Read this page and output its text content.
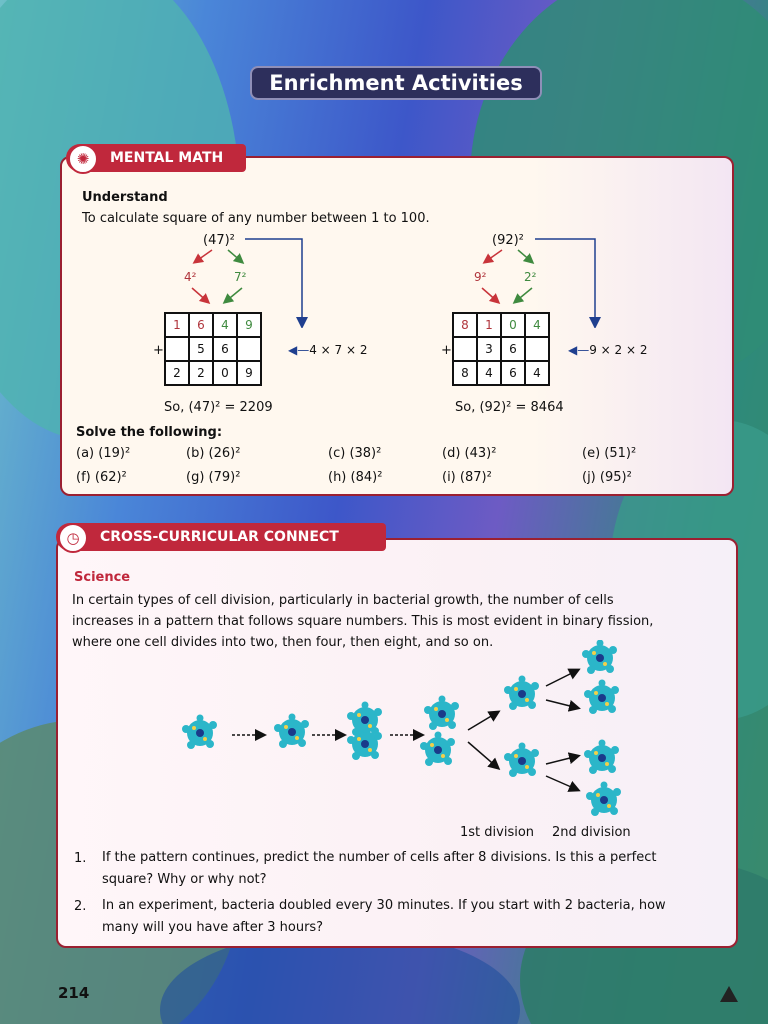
Enrichment Activities
✺	MENTAL MATH
Understand
To calculate square of any number between 1 to 100.
(47)²
4²	7²
1	6	4	9
	5	6	
2	2	0	9
+	◀—4 × 7 × 2
So, (47)² = 2209
(92)²
9²	2²
8	1	0	4
	3	6	
8	4	6	4
+	◀—9 × 2 × 2
So, (92)² = 8464
Solve the following:
(a) (19)²	(b) (26)²	(c) (38)²	(d) (43)²	(e) (51)²
(f) (62)²	(g) (79)²	(h) (84)²	(i) (87)²	(j) (95)²
◷	CROSS-CURRICULAR CONNECT
Science
In certain types of cell division, particularly in bacterial growth, the number of cells
increases in a pattern that follows square numbers. This is most evident in binary fission,
where one cell divides into two, then four, then eight, and so on.
1st division 2nd division
1. If the pattern continues, predict the number of cells after 8 divisions. Is this a perfect
square? Why or why not?
2. In an experiment, bacteria doubled every 30 minutes. If you start with 2 bacteria, how
many will you have after 3 hours?
214
